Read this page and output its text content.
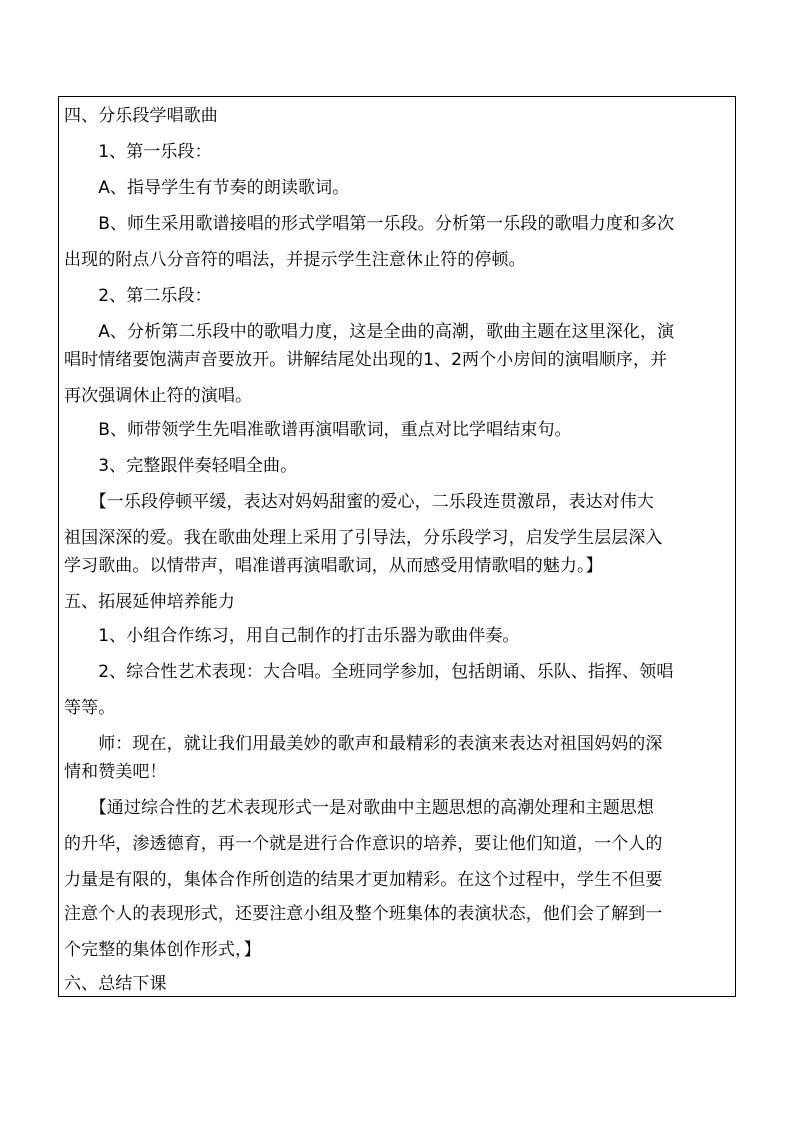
四、分乐段学唱歌曲
　　1、第一乐段：
　　A、指导学生有节奏的朗读歌词。
　　B、师生采用歌谱接唱的形式学唱第一乐段。分析第一乐段的歌唱力度和多次
出现的附点八分音符的唱法，并提示学生注意休止符的停顿。
　　2、第二乐段：
　　A、分析第二乐段中的歌唱力度，这是全曲的高潮，歌曲主题在这里深化，演
唱时情绪要饱满声音要放开。讲解结尾处出现的1、2两个小房间的演唱顺序，并
再次强调休止符的演唱。
　　B、师带领学生先唱准歌谱再演唱歌词，重点对比学唱结束句。
　　3、完整跟伴奏轻唱全曲。
　　【一乐段停顿平缓，表达对妈妈甜蜜的爱心，二乐段连贯激昂，表达对伟大
祖国深深的爱。我在歌曲处理上采用了引导法，分乐段学习，启发学生层层深入
学习歌曲。以情带声，唱准谱再演唱歌词，从而感受用情歌唱的魅力。】
五、拓展延伸培养能力
　　1、小组合作练习，用自己制作的打击乐器为歌曲伴奏。
　　2、综合性艺术表现：大合唱。全班同学参加，包括朗诵、乐队、指挥、领唱
等等。
　　师：现在，就让我们用最美妙的歌声和最精彩的表演来表达对祖国妈妈的深
情和赞美吧！
　　【通过综合性的艺术表现形式一是对歌曲中主题思想的高潮处理和主题思想
的升华，渗透德育，再一个就是进行合作意识的培养，要让他们知道，一个人的
力量是有限的，集体合作所创造的结果才更加精彩。在这个过程中，学生不但要
注意个人的表现形式，还要注意小组及整个班集体的表演状态，他们会了解到一
个完整的集体创作形式，】
六、总结下课
